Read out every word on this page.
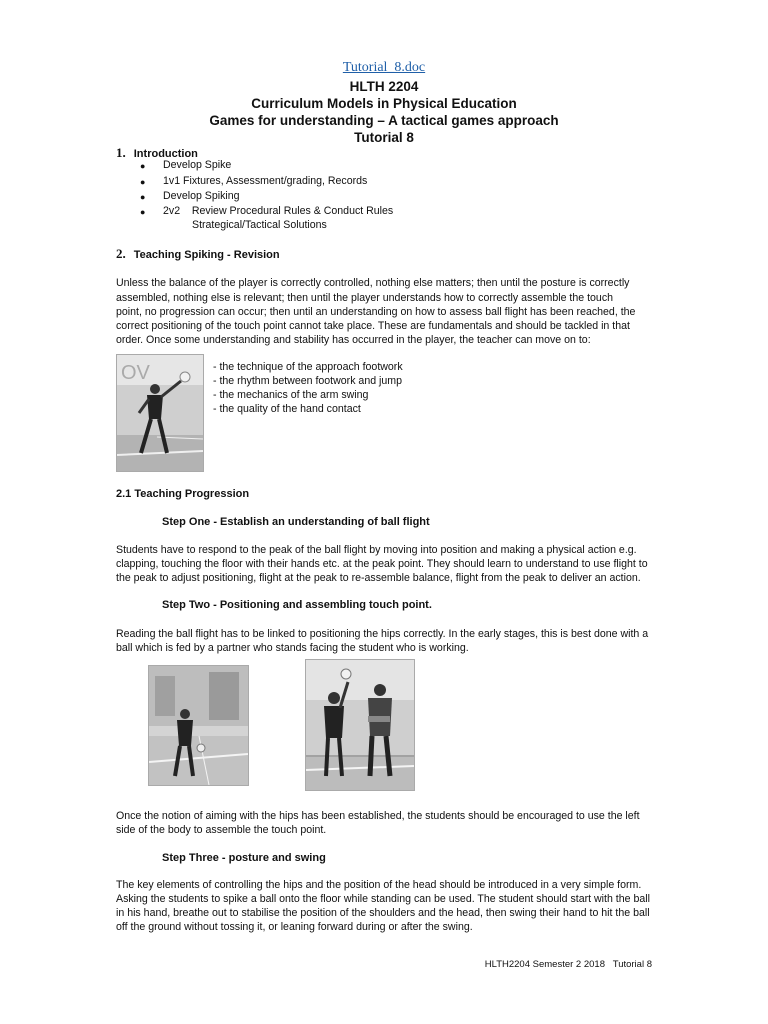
Tutorial_8.doc
HLTH 2204
Curriculum Models in Physical Education
Games for understanding – A tactical games approach
Tutorial 8
1. Introduction
● Develop Spike
● 1v1 Fixtures, Assessment/grading, Records
● Develop Spiking
● 2v2    Review Procedural Rules & Conduct Rules
Strategical/Tactical Solutions
2. Teaching Spiking - Revision
Unless the balance of the player is correctly controlled, nothing else matters; then until the posture is correctly
assembled, nothing else is relevant; then until the player understands how to correctly assemble the touch
point, no progression can occur; then until an understanding on how to assess ball flight has been reached, the
correct positioning of the touch point cannot take place. These are fundamentals and should be tackled in that
order. Once some understanding and stability has occurred in the player, the teacher can move on to:
OV	- the technique of the approach footwork
- the rhythm between footwork and jump
- the mechanics of the arm swing
- the quality of the hand contact
2.1 Teaching Progression
Step One - Establish an understanding of ball flight
Students have to respond to the peak of the ball flight by moving into position and making a physical action e.g.
clapping, touching the floor with their hands etc. at the peak point. They should learn to understand to use flight to
the peak to adjust positioning, flight at the peak to re-assemble balance, flight from the peak to deliver an action.
Step Two - Positioning and assembling touch point.
Reading the ball flight has to be linked to positioning the hips correctly. In the early stages, this is best done with a
ball which is fed by a partner who stands facing the student who is working.
Once the notion of aiming with the hips has been established, the students should be encouraged to use the left
side of the body to assemble the touch point.
Step Three - posture and swing
The key elements of controlling the hips and the position of the head should be introduced in a very simple form.
Asking the students to spike a ball onto the floor while standing can be used. The student should start with the ball
in his hand, breathe out to stabilise the position of the shoulders and the head, then swing their hand to hit the ball
off the ground without tossing it, or leaning forward during or after the swing.
HLTH2204 Semester 2 2018   Tutorial 8
